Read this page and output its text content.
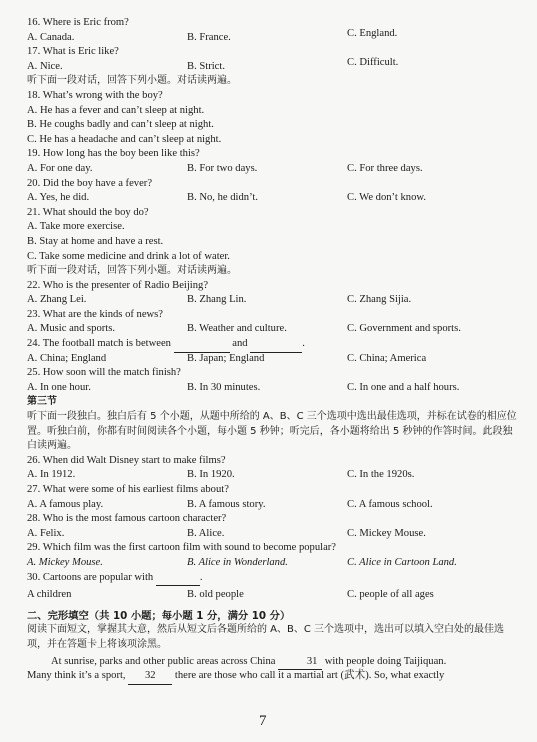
16. Where is Eric from?
A. Canada.	B. France.	C. England.
17. What is Eric like?
A. Nice.	B. Strict.	C. Difficult.
听下面一段对话，回答下列小题。对话读两遍。
18. What’s wrong with the boy?
A. He has a fever and can’t sleep at night.
B. He coughs badly and can’t sleep at night.
C. He has a headache and can’t sleep at night.
19. How long has the boy been like this?
A. For one day.	B. For two days.	C. For three days.
20. Did the boy have a fever?
A. Yes, he did.	B. No, he didn’t.	C. We don’t know.
21. What should the boy do?
A. Take more exercise.
B. Stay at home and have a rest.
C. Take some medicine and drink a lot of water.
听下面一段对话，回答下列小题。对话读两遍。
22. Who is the presenter of Radio Beijing?
A. Zhang Lei.	B. Zhang Lin.	C. Zhang Sijia.
23. What are the kinds of news?
A. Music and sports.	B. Weather and culture.	C. Government and sports.
24. The football match is between	and	.
A. China; England	B. Japan; England	C. China; America
25. How soon will the match finish?
A. In one hour.	B. In 30 minutes.	C. In one and a half hours.
第三节
听下面一段独白。独白后有 5 个小题，从题中所给的 A、B、C 三个选项中选出最佳选项，并标在试卷的相应位置。听独白前，你都有时间阅读各个小题，每小题 5 秒钟；听完后，各小题将给出 5 秒钟的作答时间。此段独白读两遍。
26. When did Walt Disney start to make films?
A. In 1912.	B. In 1920.	C. In the 1920s.
27. What were some of his earliest films about?
A. A famous play.	B. A famous story.	C. A famous school.
28. Who is the most famous cartoon character?
A. Felix.	B. Alice.	C. Mickey Mouse.
29. Which film was the first cartoon film with sound to become popular?
A. Mickey Mouse.	B. Alice in Wonderland.	C. Alice in Cartoon Land.
30. Cartoons are popular with	.
A children	B. old people	C. people of all ages
二、完形填空（共 10 小题；每小题 1 分，满分 10 分）
阅读下面短文，掌握其大意，然后从短文后各题所给的 A、B、C 三个选项中，选出可以填入空白处的最佳选项，并在答题卡上将该项涂黑。
At sunrise, parks and other public areas across China	31 with people doing Taijiquan.
Many think it’s a sport, 32 there are those who call it a martial art (武术). So, what exactly
7
